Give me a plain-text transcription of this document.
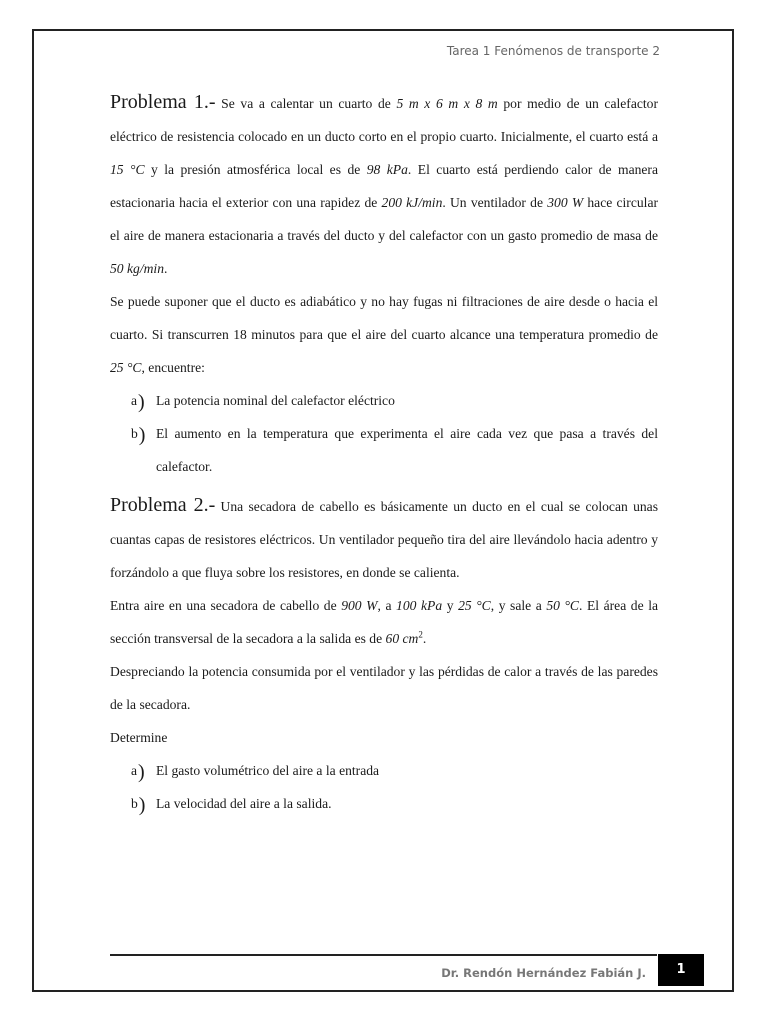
Tarea 1 Fenómenos de transporte 2

Problema 1.- Se va a calentar un cuarto de 5 m x 6 m x 8 m por medio de un calefactor eléctrico de resistencia colocado en un ducto corto en el propio cuarto. Inicialmente, el cuarto está a 15 °C y la presión atmosférica local es de 98 kPa. El cuarto está perdiendo calor de manera estacionaria hacia el exterior con una rapidez de 200 kJ/min. Un ventilador de 300 W hace circular el aire de manera estacionaria a través del ducto y del calefactor con un gasto promedio de masa de 50 kg/min.

Se puede suponer que el ducto es adiabático y no hay fugas ni filtraciones de aire desde o hacia el cuarto. Si transcurren 18 minutos para que el aire del cuarto alcance una temperatura promedio de 25 °C, encuentre:

a) La potencia nominal del calefactor eléctrico
b) El aumento en la temperatura que experimenta el aire cada vez que pasa a través del calefactor.

Problema 2.- Una secadora de cabello es básicamente un ducto en el cual se colocan unas cuantas capas de resistores eléctricos. Un ventilador pequeño tira del aire llevándolo hacia adentro y forzándolo a que fluya sobre los resistores, en donde se calienta.

Entra aire en una secadora de cabello de 900 W, a 100 kPa y 25 °C, y sale a 50 °C. El área de la sección transversal de la secadora a la salida es de 60 $cm^2$.

Despreciando la potencia consumida por el ventilador y las pérdidas de calor a través de las paredes de la secadora.

Determine

a) El gasto volumétrico del aire a la entrada
b) La velocidad del aire a la salida.
Dr. Rendón Hernández Fabián J.	1
